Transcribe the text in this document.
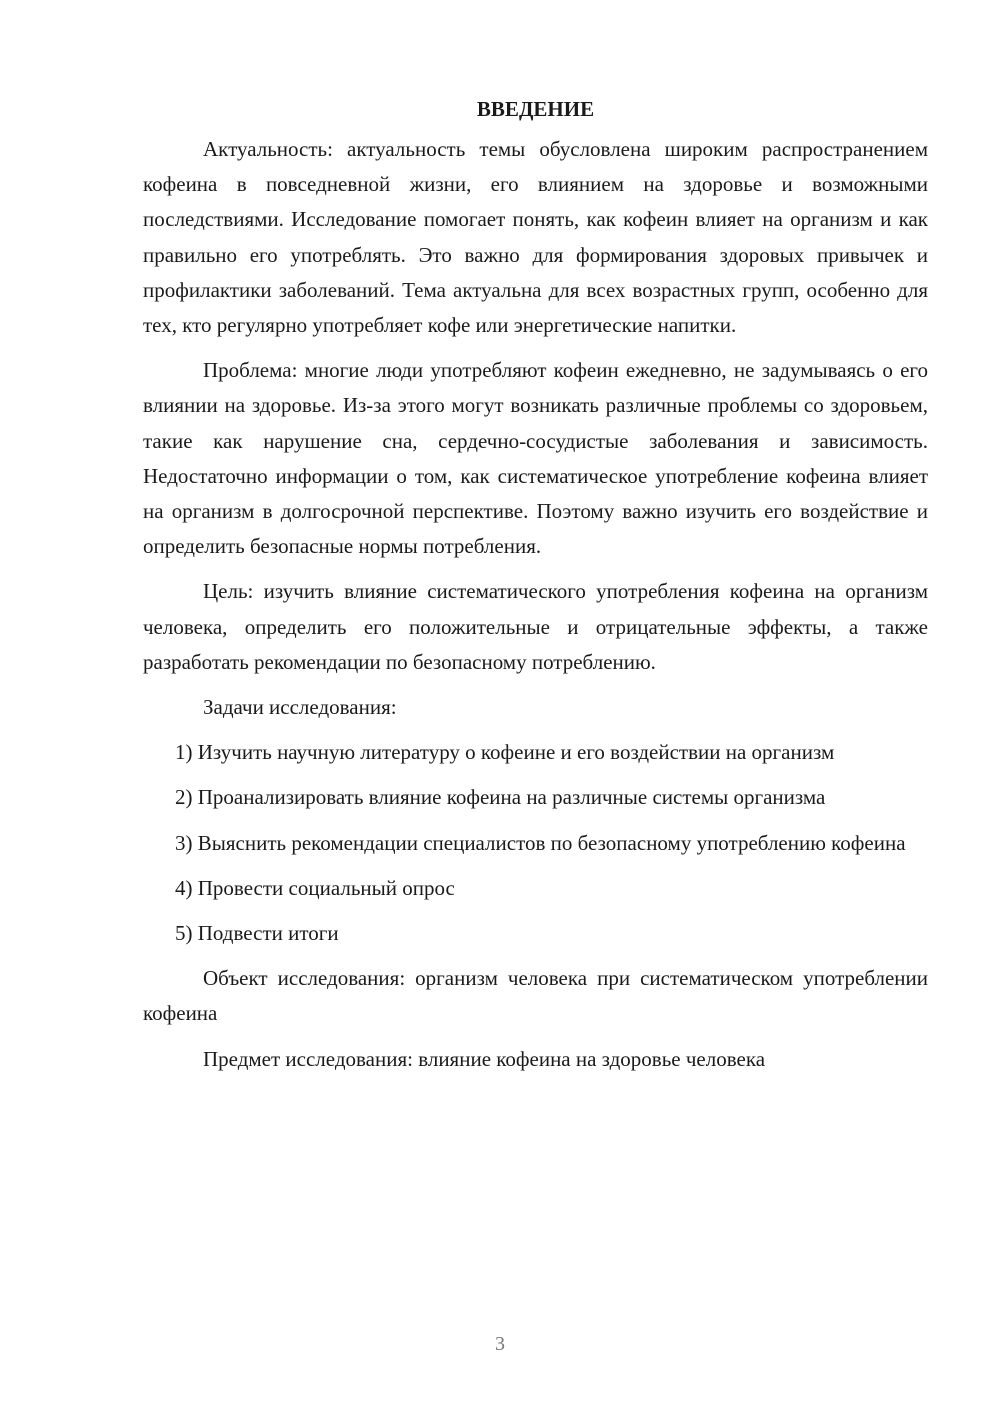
ВВЕДЕНИЕ

Актуальность: актуальность темы обусловлена широким распространением кофеина в повседневной жизни, его влиянием на здоровье и возможными последствиями. Исследование помогает понять, как кофеин влияет на организм и как правильно его употреблять. Это важно для формирования здоровых привычек и профилактики заболеваний. Тема актуальна для всех возрастных групп, особенно для тех, кто регулярно употребляет кофе или энергетические напитки.

Проблема: многие люди употребляют кофеин ежедневно, не задумываясь о его влиянии на здоровье. Из-за этого могут возникать различные проблемы со здоровьем, такие как нарушение сна, сердечно-сосудистые заболевания и зависимость. Недостаточно информации о том, как систематическое употребление кофеина влияет на организм в долгосрочной перспективе. Поэтому важно изучить его воздействие и определить безопасные нормы потребления.

Цель: изучить влияние систематического употребления кофеина на организм человека, определить его положительные и отрицательные эффекты, а также разработать рекомендации по безопасному потреблению.

Задачи исследования:

1) Изучить научную литературу о кофеине и его воздействии на организм

2) Проанализировать влияние кофеина на различные системы организма

3) Выяснить рекомендации специалистов по безопасному употреблению кофеина

4) Провести социальный опрос

5) Подвести итоги

Объект исследования: организм человека при систематическом употреблении кофеина

Предмет исследования: влияние кофеина на здоровье человека

3
